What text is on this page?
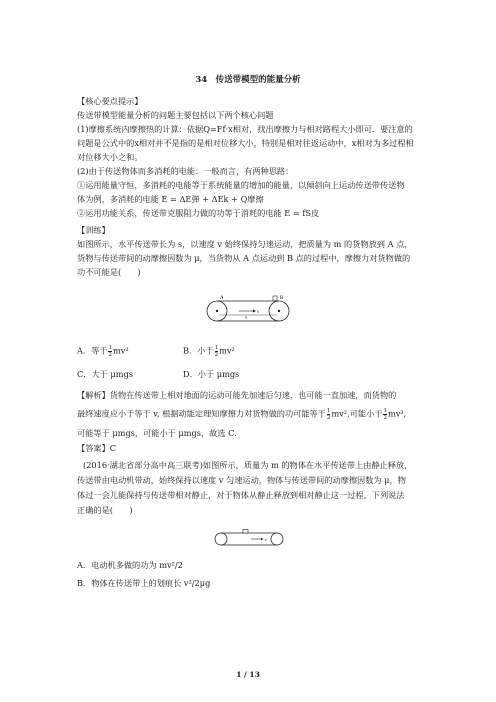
34　传送带模型的能量分析
【核心要点提示】
传送带模型能量分析的问题主要包括以下两个核心问题
(1)摩擦系统内摩擦热的计算：依据Q=Ff·x相对，找出摩擦力与相对路程大小即可．要注意的
问题是公式中的x相对并不是指的是相对位移大小，特别是相对往返运动中，x相对为多过程相
对位移大小之和。
(2)由于传送物体而多消耗的电能：一般而言，有两种思路：
①运用能量守恒，多消耗的电能等于系统能量的增加的能量，以倾斜向上运动传送带传送物
体为例，多消耗的电能 E = ΔE弹 + ΔEk + Q摩擦
②运用功能关系，传送带克服阻力做的功等于消耗的电能 E = fS皮
【训练】
如图所示，水平传送带长为 s，以速度 v 始终保持匀速运动，把质量为 m 的货物放到 A 点，
货物与传送带间的动摩擦因数为 μ，当货物从 A 点运动到 B 点的过程中，摩擦力对货物做的
功不可能是(　　)
A	B
v
s
A．等于 $\frac{1}{2} mv^2$	B．小于 $\frac{1}{2} mv^2$
C．大于 μmgs	D．小于 μmgs
【解析】货物在传送带上相对地面的运动可能先加速后匀速，也可能一直加速，而货物的
最终速度应小于等于 v, 根据动能定理知摩擦力对货物做的功可能等于 $\frac{1}{2} mv^2$,可能小于 $\frac{1}{2} mv^2$,
可能等于 μmgs，可能小于 μmgs，故选 C.
【答案】C
(2016·湖北省部分高中高三联考)如图所示，质量为 m 的物体在水平传送带上由静止释放，
传送带由电动机带动，始终保持以速度 v 匀速运动，物体与传送带间的动摩擦因数为 μ，物
体过一会儿能保持与传送带相对静止，对于物体从静止释放到相对静止这一过程，下列说法
正确的是(　　)
v
A．电动机多做的功为 mv²/2
B．物体在传送带上的划痕长 v²/2μg
1 / 13
